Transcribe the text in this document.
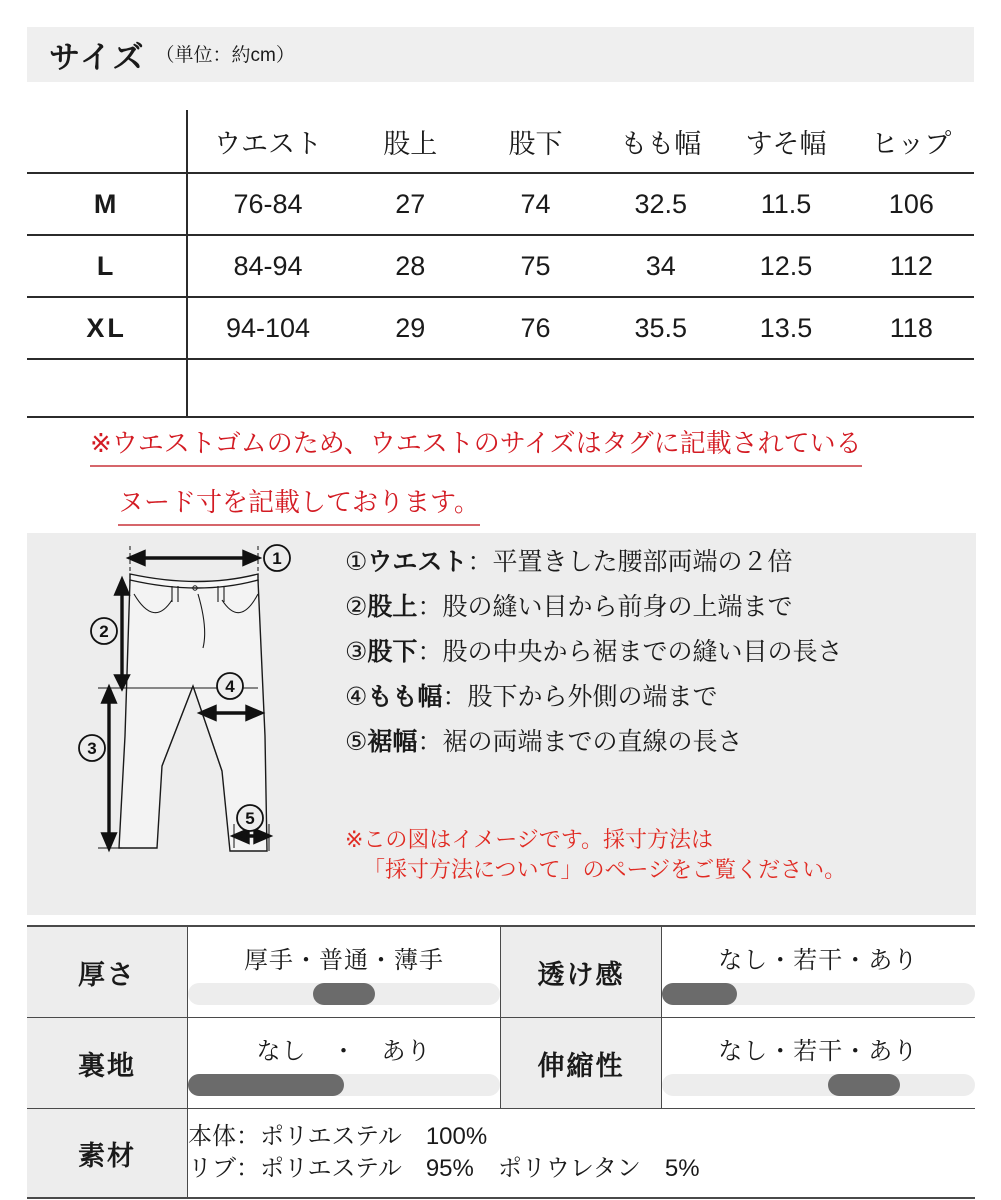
サイズ （単位：約cm）
	ウエスト	股上	股下	もも幅	すそ幅	ヒップ
M	76-84	27	74	32.5	11.5	106
L	84-94	28	75	34	12.5	112
XL	94-104	29	76	35.5	13.5	118

※ウエストゴムのため、ウエストのサイズはタグに記載されている
ヌード寸を記載しております。
1
2
3
4
5
①ウエスト：平置きした腰部両端の２倍
②股上：股の縫い目から前身の上端まで
③股下：股の中央から裾までの縫い目の長さ
④もも幅：股下から外側の端まで
⑤裾幅：裾の両端までの直線の長さ
※この図はイメージです。採寸方法は
「採寸方法について」のページをご覧ください。
厚さ	厚手・普通・薄手	透け感	なし・若干・あり

裏地	なし　・　あり	伸縮性	なし・若干・あり

素材	本体：ポリエステル　100%
リブ：ポリエステル　95%　ポリウレタン　5%		
